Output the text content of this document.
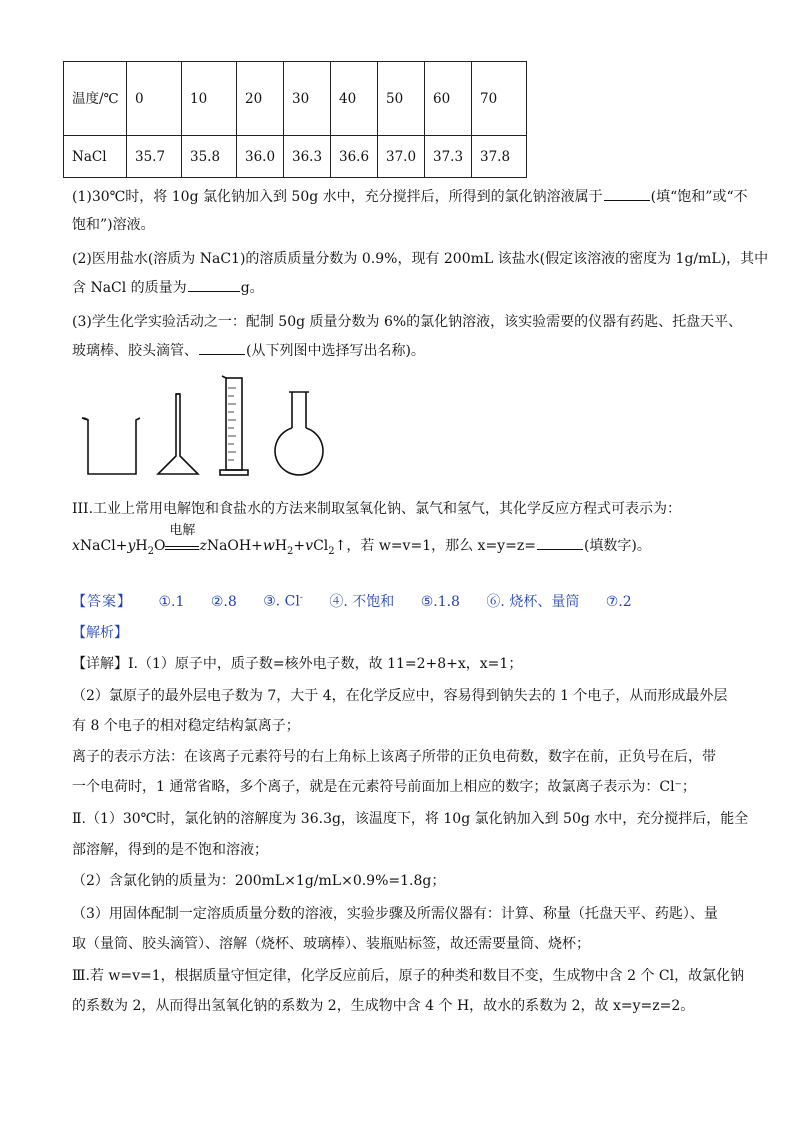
温度/℃	0	10	20	30	40	50	60	70
NaCl	35.7	35.8	36.0	36.3	36.6	37.0	37.3	37.8
(1)30℃时，将 10g 氯化钠加入到 50g 水中，充分搅拌后，所得到的氯化钠溶液属于	(填“饱和”或“不
饱和”)溶液。
(2)医用盐水(溶质为 NaC1)的溶质质量分数为 0.9%，现有 200mL 该盐水(假定该溶液的密度为 1g/mL)，其中
含 NaCl 的质量为	g。
(3)学生化学实验活动之一：配制 50g 质量分数为 6%的氯化钠溶液，该实验需要的仪器有药匙、托盘天平、
玻璃棒、胶头滴管、	(从下列图中选择写出名称)。
III.工业上常用电解饱和食盐水的方法来制取氢氧化钠、氯气和氢气，其化学反应方程式可表示为：
$xNaCl+yH_2O$
电解
$zNaOH+wH_2+vCl_2↑$，若 w=v=1，那么 x=y=z=	(填数字)。
【答案】 ①.1 ②.8 ③. Cl- ④. 不饱和 ⑤.1.8 ⑥. 烧杯、量筒 ⑦.2
【解析】
【详解】Ⅰ.（1）原子中，质子数=核外电子数，故 11=2+8+x，x=1；
（2）氯原子的最外层电子数为 7，大于 4，在化学反应中，容易得到钠失去的 1 个电子，从而形成最外层
有 8 个电子的相对稳定结构氯离子；
离子的表示方法：在该离子元素符号的右上角标上该离子所带的正负电荷数，数字在前，正负号在后，带
一个电荷时，1 通常省略，多个离子，就是在元素符号前面加上相应的数字；故氯离子表示为：Cl⁻；
Ⅱ.（1）30℃时，氯化钠的溶解度为 36.3g，该温度下，将 10g 氯化钠加入到 50g 水中，充分搅拌后，能全
部溶解，得到的是不饱和溶液；
（2）含氯化钠的质量为：200mL×1g/mL×0.9%=1.8g；
（3）用固体配制一定溶质质量分数的溶液，实验步骤及所需仪器有：计算、称量（托盘天平、药匙）、量
取（量筒、胶头滴管）、溶解（烧杯、玻璃棒）、装瓶贴标签，故还需要量筒、烧杯；
Ⅲ.若 w=v=1，根据质量守恒定律，化学反应前后，原子的种类和数目不变，生成物中含 2 个 Cl，故氯化钠
的系数为 2，从而得出氢氧化钠的系数为 2，生成物中含 4 个 H，故水的系数为 2，故 x=y=z=2。
